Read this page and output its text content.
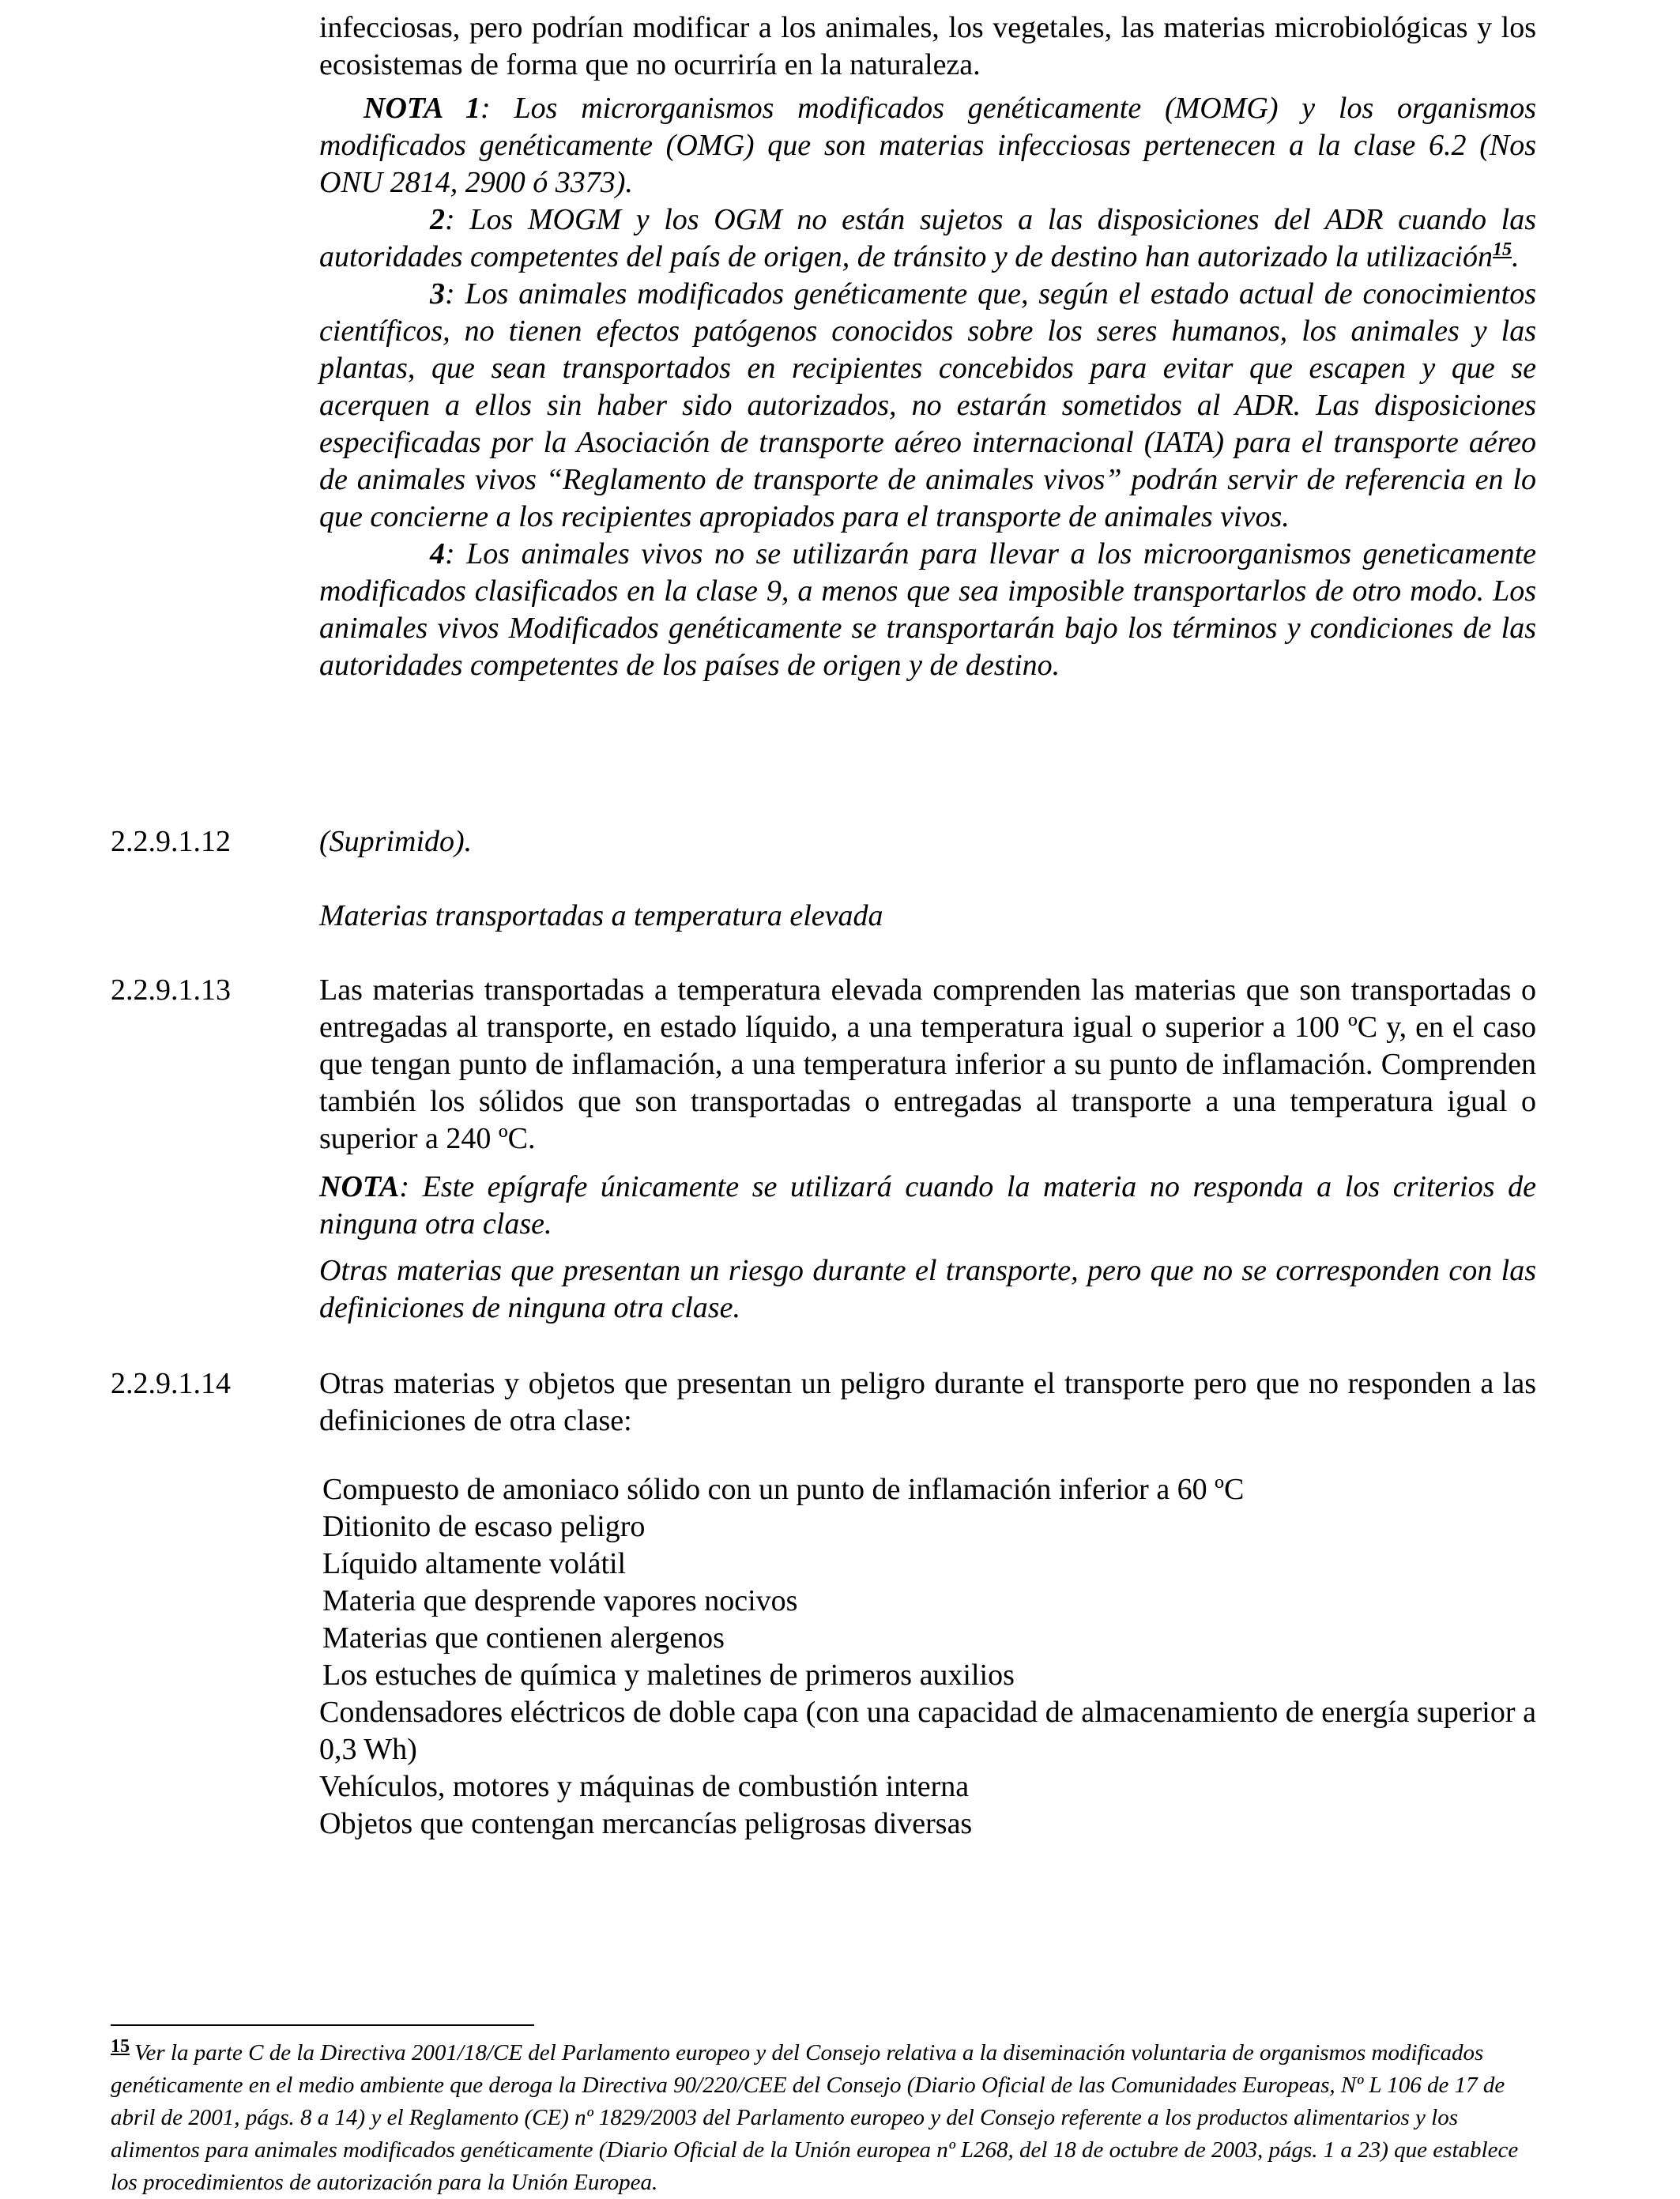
infecciosas, pero podrían modificar a los animales, los vegetales, las materias microbiológicas y los ecosistemas de forma que no ocurriría en la naturaleza.
NOTA 1: Los microrganismos modificados genéticamente (MOMG) y los organismos modificados genéticamente (OMG) que son materias infecciosas pertenecen a la clase 6.2 (Nos ONU 2814, 2900 ó 3373).
2: Los MOGM y los OGM no están sujetos a las disposiciones del ADR cuando las autoridades competentes del país de origen, de tránsito y de destino han autorizado la utilización$^{15}$.
3: Los animales modificados genéticamente que, según el estado actual de conocimientos científicos, no tienen efectos patógenos conocidos sobre los seres humanos, los animales y las plantas, que sean transportados en recipientes concebidos para evitar que escapen y que se acerquen a ellos sin haber sido autorizados, no estarán sometidos al ADR. Las disposiciones especificadas por la Asociación de transporte aéreo internacional (IATA) para el transporte aéreo de animales vivos “Reglamento de transporte de animales vivos” podrán servir de referencia en lo que concierne a los recipientes apropiados para el transporte de animales vivos.
4: Los animales vivos no se utilizarán para llevar a los microorganismos geneticamente modificados clasificados en la clase 9, a menos que sea imposible transportarlos de otro modo. Los animales vivos Modificados genéticamente se transportarán bajo los términos y condiciones de las autoridades competentes de los países de origen y de destino.
2.2.9.1.12	(Suprimido).
Materias transportadas a temperatura elevada
2.2.9.1.13	Las materias transportadas a temperatura elevada comprenden las materias que son transportadas o entregadas al transporte, en estado líquido, a una temperatura igual o superior a 100 ºC y, en el caso que tengan punto de inflamación, a una temperatura inferior a su punto de inflamación. Comprenden también los sólidos que son transportadas o entregadas al transporte a una temperatura igual o superior a 240 ºC.
NOTA: Este epígrafe únicamente se utilizará cuando la materia no responda a los criterios de ninguna otra clase.
Otras materias que presentan un riesgo durante el transporte, pero que no se corresponden con las definiciones de ninguna otra clase.
2.2.9.1.14	Otras materias y objetos que presentan un peligro durante el transporte pero que no responden a las definiciones de otra clase:
Compuesto de amoniaco sólido con un punto de inflamación inferior a 60 ºC
Ditionito de escaso peligro
Líquido altamente volátil
Materia que desprende vapores nocivos
Materias que contienen alergenos
Los estuches de química y maletines de primeros auxilios
Condensadores eléctricos de doble capa (con una capacidad de almacenamiento de energía superior a 0,3 Wh)
Vehículos, motores y máquinas de combustión interna
Objetos que contengan mercancías peligrosas diversas
$^{15}$ Ver la parte C de la Directiva 2001/18/CE del Parlamento europeo y del Consejo relativa a la diseminación voluntaria de organismos modificados genéticamente en el medio ambiente que deroga la Directiva 90/220/CEE del Consejo (Diario Oficial de las Comunidades Europeas, Nº L 106 de 17 de abril de 2001, págs. 8 a 14) y el Reglamento (CE) nº 1829/2003 del Parlamento europeo y del Consejo referente a los productos alimentarios y los alimentos para animales modificados genéticamente (Diario Oficial de la Unión europea nº L268, del 18 de octubre de 2003, págs. 1 a 23) que establece los procedimientos de autorización para la Unión Europea.
